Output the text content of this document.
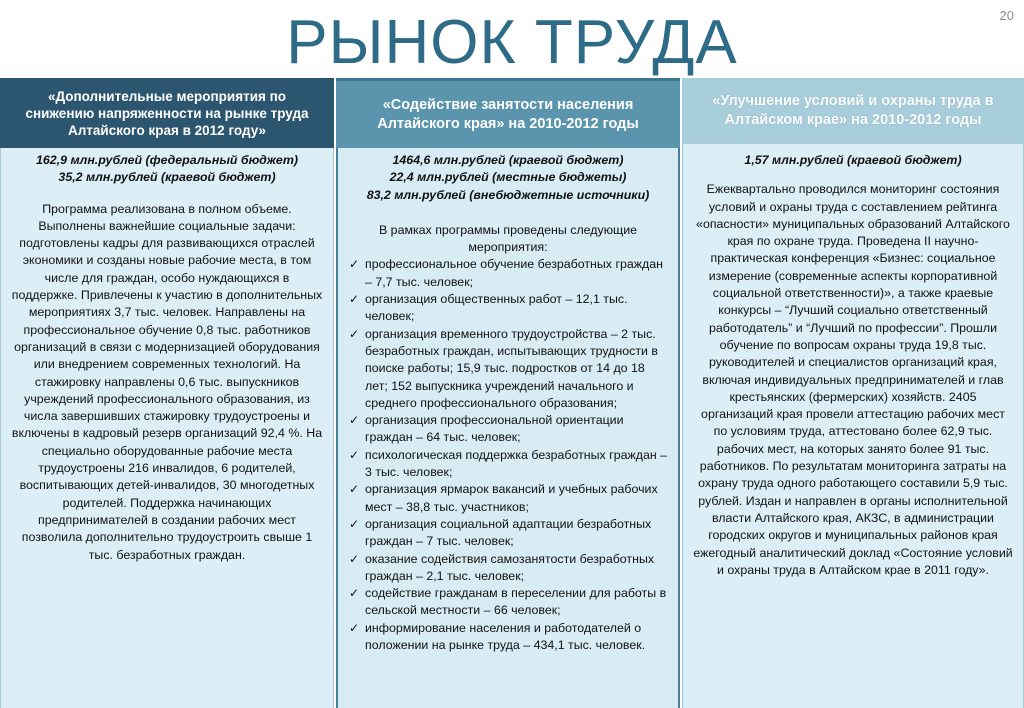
20
РЫНОК ТРУДА
«Дополнительные мероприятия по снижению напряженности на рынке труда Алтайского края в 2012 году»

162,9 млн.рублей (федеральный бюджет)

35,2 млн.рублей (краевой бюджет)

Программа реализована в полном объеме. Выполнены важнейшие социальные задачи: подготовлены кадры для развивающихся отраслей экономики и созданы новые рабочие места, в том числе для граждан, особо нуждающихся в поддержке. Привлечены к участию в дополнительных мероприятиях 3,7 тыс. человек. Направлены на профессиональное обучение 0,8 тыс. работников организаций в связи с модернизацией оборудования или внедрением современных технологий. На стажировку направлены 0,6 тыс. выпускников учреждений профессионального образования, из числа завершивших стажировку трудоустроены и включены в кадровый резерв организаций 92,4 %. На специально оборудованные рабочие места трудоустроены 216 инвалидов, 6 родителей, воспитывающих детей-инвалидов, 30 многодетных родителей. Поддержка начинающих предпринимателей в создании рабочих мест позволила дополнительно трудоустроить свыше 1 тыс. безработных граждан.

«Содействие занятости населения Алтайского края» на 2010-2012 годы

1464,6 млн.рублей (краевой бюджет)

22,4 млн.рублей (местные бюджеты)

83,2 млн.рублей (внебюджетные источники)

В рамках программы проведены следующие мероприятия:

✓ профессиональное обучение безработных граждан – 7,7 тыс. человек;
✓ организация общественных работ – 12,1 тыс. человек;
✓ организация временного трудоустройства – 2 тыс. безработных граждан, испытывающих трудности в поиске работы; 15,9 тыс. подростков от 14 до 18 лет; 152 выпускника учреждений начального и среднего профессионального образования;
✓ организация профессиональной ориентации граждан – 64 тыс. человек;
✓ психологическая поддержка безработных граждан – 3 тыс. человек;
✓ организация ярмарок вакансий и учебных рабочих мест – 38,8 тыс. участников;
✓ организация социальной адаптации безработных граждан – 7 тыс. человек;
✓ оказание содействия самозанятости безработных граждан – 2,1 тыс. человек;
✓ содействие гражданам в переселении для работы в сельской местности – 66 человек;
✓ информирование населения и работодателей о положении на рынке труда – 434,1 тыс. человек.
«Улучшение условий и охраны труда в Алтайском крае» на 2010-2012 годы

1,57 млн.рублей (краевой бюджет)

Ежеквартально проводился мониторинг состояния условий и охраны труда с составлением рейтинга «опасности» муниципальных образований Алтайского края по охране труда. Проведена II научно-практическая конференция «Бизнес: социальное измерение (современные аспекты корпоративной социальной ответственности)», а также краевые конкурсы – “Лучший социально ответственный работодатель” и “Лучший по профессии”. Прошли обучение по вопросам охраны труда 19,8 тыс. руководителей и специалистов организаций края, включая индивидуальных предпринимателей и глав крестьянских (фермерских) хозяйств. 2405 организаций края провели аттестацию рабочих мест по условиям труда, аттестовано более 62,9 тыс. рабочих мест, на которых занято более 91 тыс. работников. По результатам мониторинга затраты на охрану труда одного работающего составили 5,9 тыс. рублей. Издан и направлен в органы исполнительной власти Алтайского края, АКЗС, в администрации городских округов и муниципальных районов края ежегодный аналитический доклад «Состояние условий и охраны труда в Алтайском крае в 2011 году».
